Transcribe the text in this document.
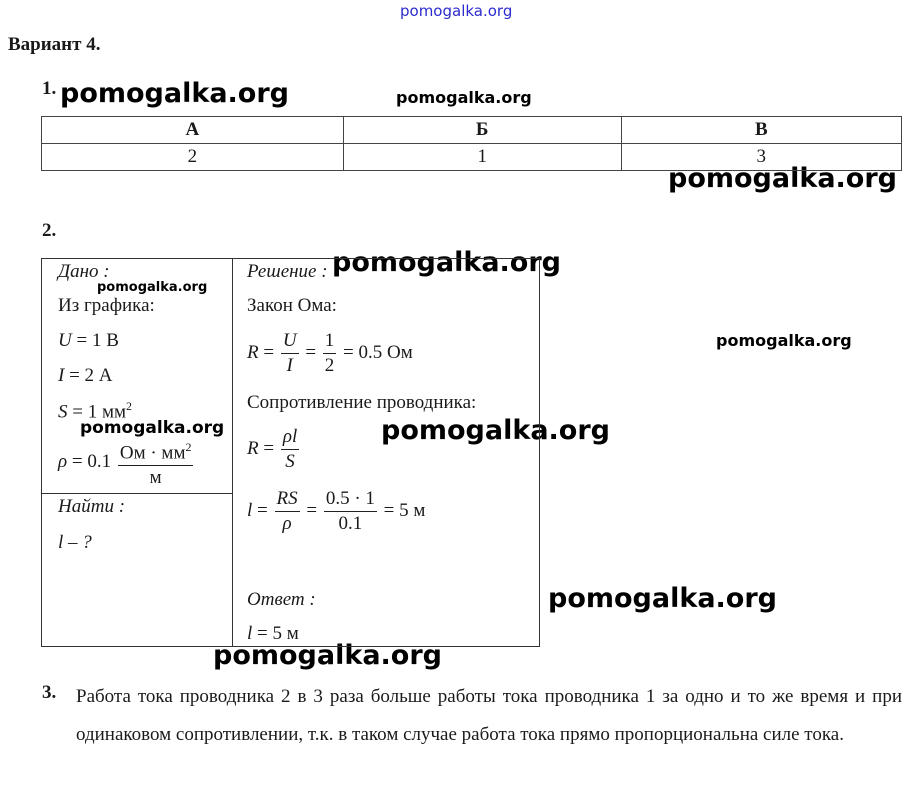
pomogalka.org
pomogalka.org	pomogalka.org
pomogalka.org
pomogalka.org
pomogalka.org
pomogalka.org
pomogalka.org	pomogalka.org
pomogalka.org
pomogalka.org
Вариант 4.
1.
А	Б	В
2	1	3
2.
Дано :
Из графика:
U = 1 В
I = 2 А
S = 1 $мм^2$
$\rho = 0.1 \frac{Ом \cdot мм^2}{м}$
Найти :
l – ?
Решение :
Закон Ома:
$R = \frac{U}{I} = \frac{1}{2} = 0.5$ Ом
Сопротивление проводника:
$R = \frac{\rho l}{S}$
$l = \frac{RS}{\rho} = \frac{0.5 \cdot 1}{0.1} = 5$ м
Ответ :
l = 5 м
3. Работа тока проводника 2 в 3 раза больше работы тока проводника 1 за одно и то же время и при одинаковом сопротивлении, т.к. в таком случае работа тока прямо пропорциональна силе тока.
